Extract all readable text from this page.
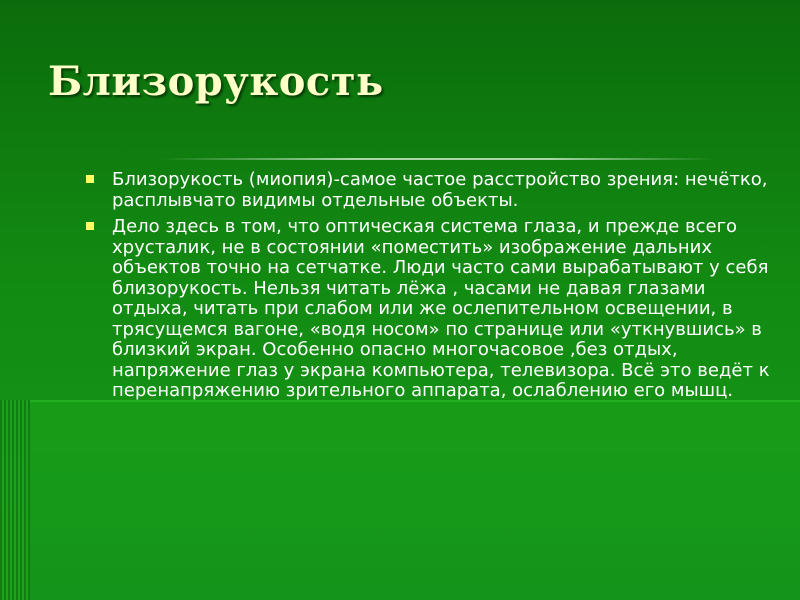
Близорукость
Близорукость (миопия)-самое частое расстройство зрения: нечётко, расплывчато видимы отдельные объекты.
Дело здесь в том, что оптическая система глаза, и прежде всего хрусталик, не в состоянии «поместить» изображение дальних объектов точно на сетчатке. Люди часто сами вырабатывают у себя близорукость. Нельзя читать лёжа , часами не давая глазами отдыха, читать при слабом или же ослепительном освещении, в трясущемся вагоне, «водя носом» по странице или «уткнувшись» в близкий экран. Особенно опасно многочасовое ,без отдых, напряжение глаз у экрана компьютера, телевизора. Всё это ведёт к перенапряжению зрительного аппарата, ослаблению его мышц.
